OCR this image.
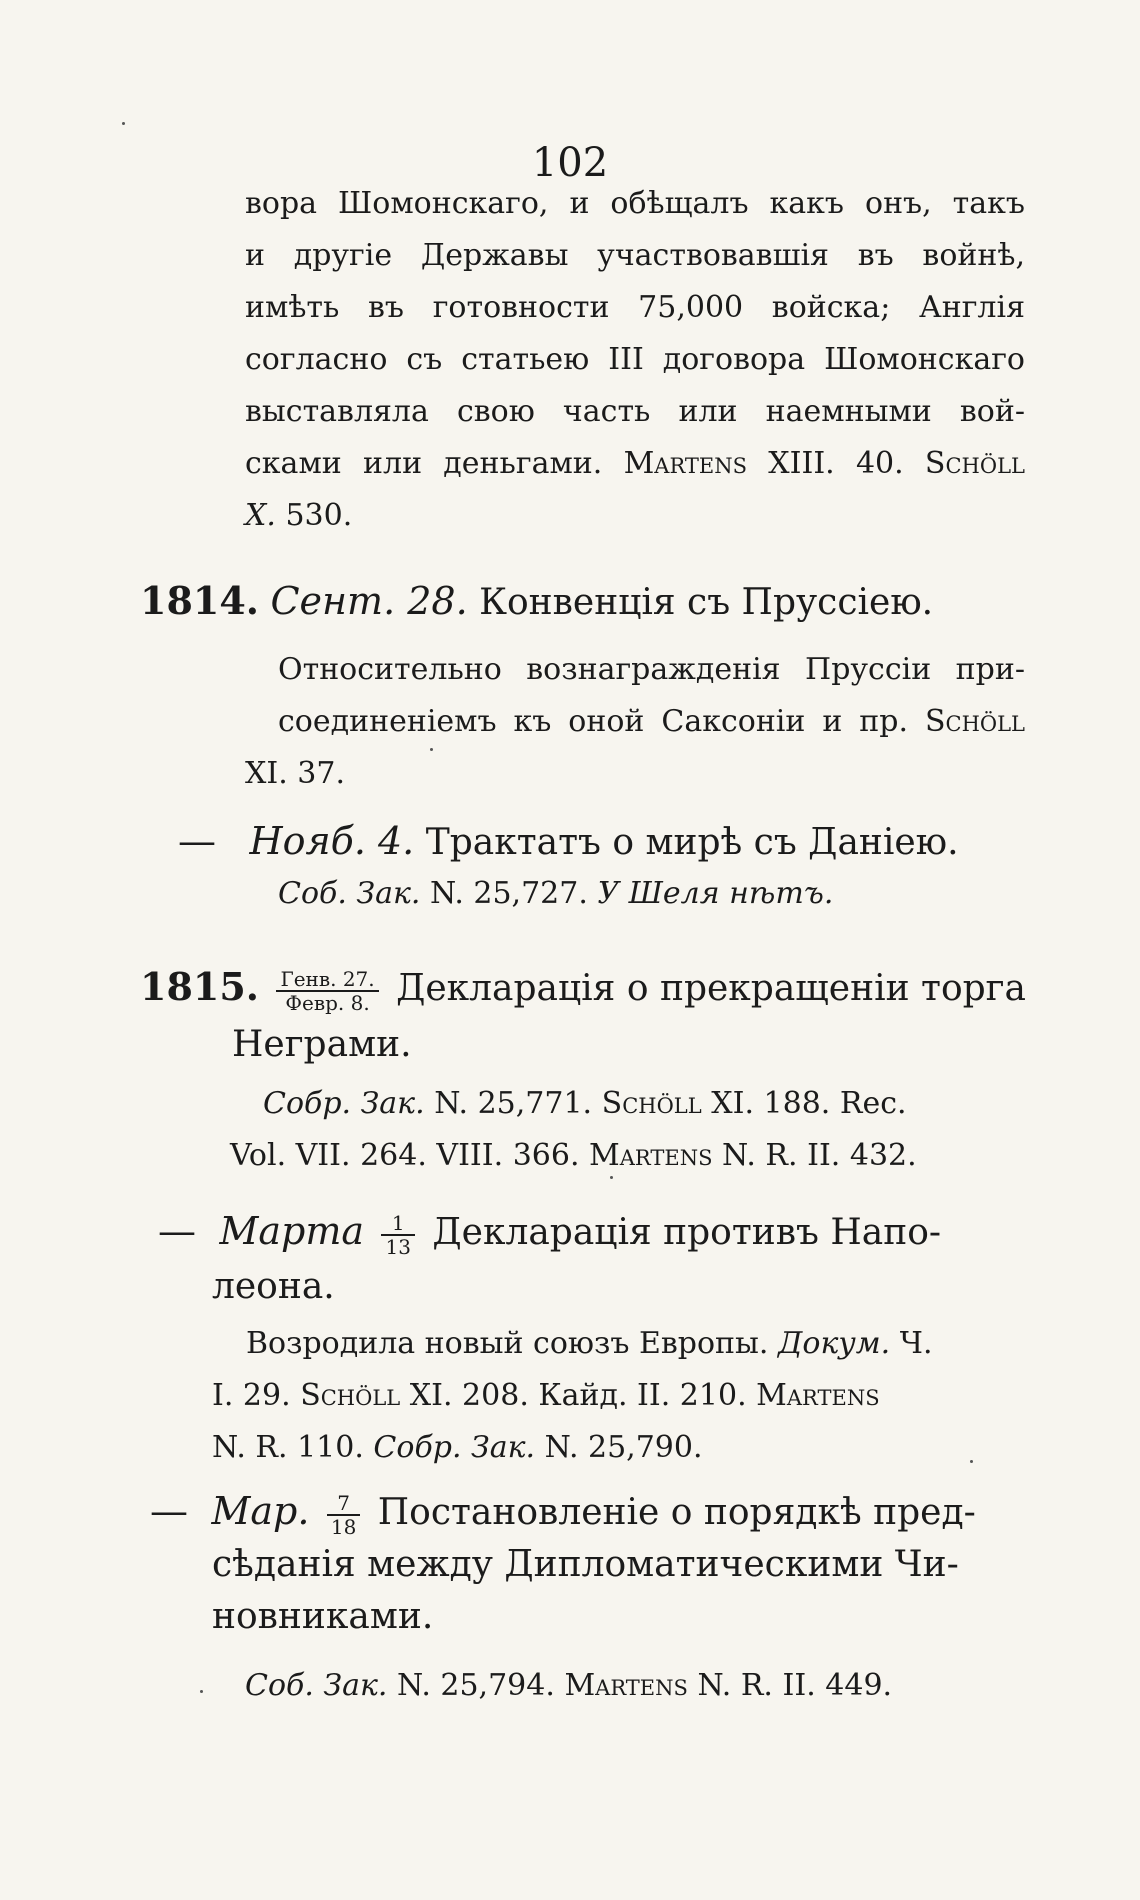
102
вора Шомонскаго, и обѣщалъ какъ онъ, такъ
и другіе Державы участвовавшія въ войнѣ,
имѣть въ готовности 75,000 войска; Англія
согласно съ статьею III договора Шомонскаго
выставляла свою часть или наемными вой-
сками или деньгами. Martens XIII. 40. Schöll
X. 530.
1814. Сент. 28. Конвенція съ Пруссіею.
Относительно вознагражденія Пруссіи при-
соединеніемъ къ оной Саксоніи и пр. Schöll
XI. 37.
— Нояб. 4. Трактатъ о мирѣ съ Даніею.
Соб. Зак. N. 25,727. У Шеля нѣтъ.
1815. $\frac{\text{Генв. 27.}}{\text{Февр. 8.}}$ Декларація о прекращеніи торга
Неграми.
Собр. Зак. N. 25,771. Schöll XI. 188. Rec.
Vol. VII. 264. VIII. 366. Martens N. R. II. 432.
— Марта $\frac{1}{13}$ Декларація противъ Напо-
леона.
Возродила новый союзъ Европы. Докум. Ч.
I. 29. Schöll XI. 208. Кайд. II. 210. Martens
N. R. 110. Собр. Зак. N. 25,790.
— Мар. $\frac{7}{18}$ Постановленіе о порядкѣ пред-
сѣданія между Дипломатическими Чи-
новниками.
Соб. Зак. N. 25,794. Martens N. R. II. 449.
